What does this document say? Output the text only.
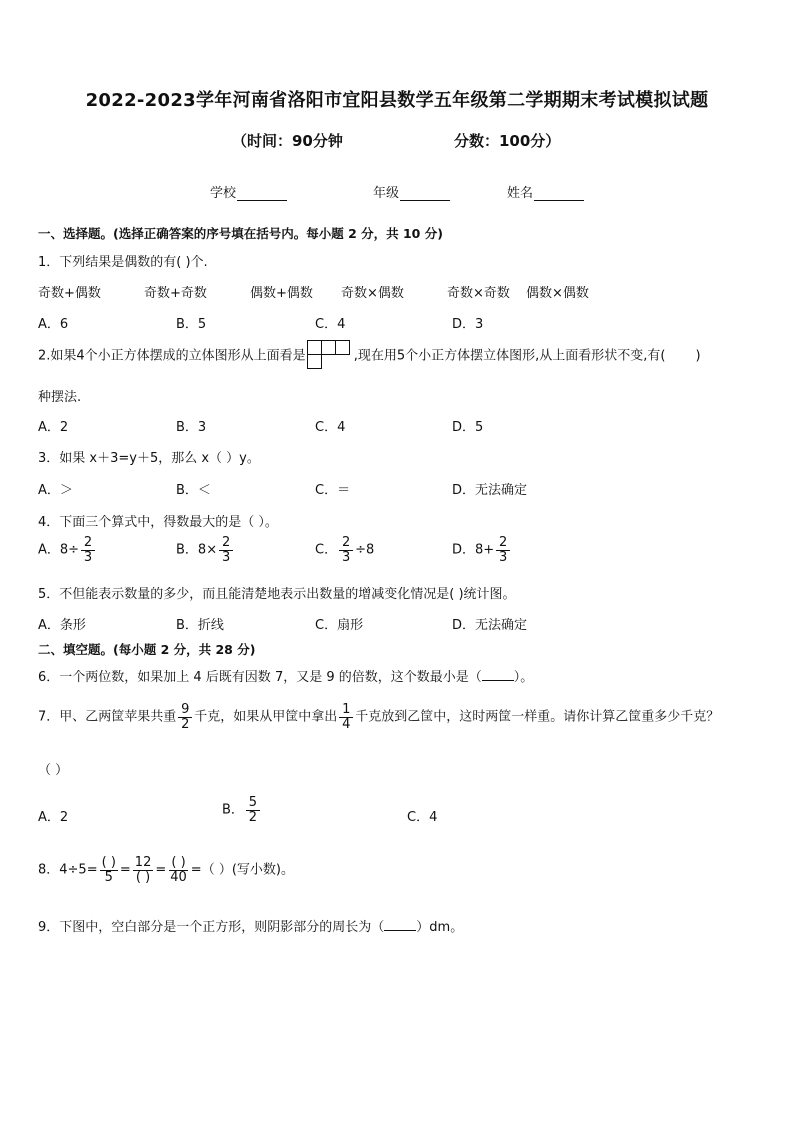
2022-2023学年河南省洛阳市宜阳县数学五年级第二学期期末考试模拟试题
（时间：90分钟	分数：100分）
学校	年级	姓名
一、选择题。(选择正确答案的序号填在括号内。每小题 2 分，共 10 分)
1．下列结果是偶数的有( )个.
奇数+偶数	奇数+奇数	偶数+偶数 奇数×偶数	奇数×奇数 偶数×偶数
A．6	B．5	C．4	D．3
2.如果4个小正方体摆成的立体图形从上面看是	,现在用5个小正方体摆立体图形,从上面看形状不变,有( )
种摆法.
A．2	B．3	C．4	D．5
3．如果 x＋3=y＋5，那么 x（ ）y。
A．＞	B．＜	C．＝	D．无法确定
4．下面三个算式中，得数最大的是（ ）。
A．$8\div \frac{2}{3}$	B．$8\times \frac{2}{3}$	C． $\frac{2}{3} \div 8$	D．$8+ \frac{2}{3}$
5．不但能表示数量的多少，而且能清楚地表示出数量的增减变化情况是( )统计图。
A．条形	B．折线	C．扇形	D．无法确定
二、填空题。(每小题 2 分，共 28 分)
6．一个两位数，如果加上 4 后既有因数 7，又是 9 的倍数，这个数最小是（ ）。
7．甲、乙两筐苹果共重 $\frac{9}{2}$ 千克，如果从甲筐中拿出 $\frac{1}{4}$ 千克放到乙筐中，这时两筐一样重。请你计算乙筐重多少千克？
（ ）
A．2	B． $\frac{5}{2}$	C．4
8．$4\div 5= \frac{( )}{5} = \frac{12}{( )} = \frac{( )}{40}$ =（ ）(写小数)。
9．下图中，空白部分是一个正方形，则阴影部分的周长为（ ）dm。
